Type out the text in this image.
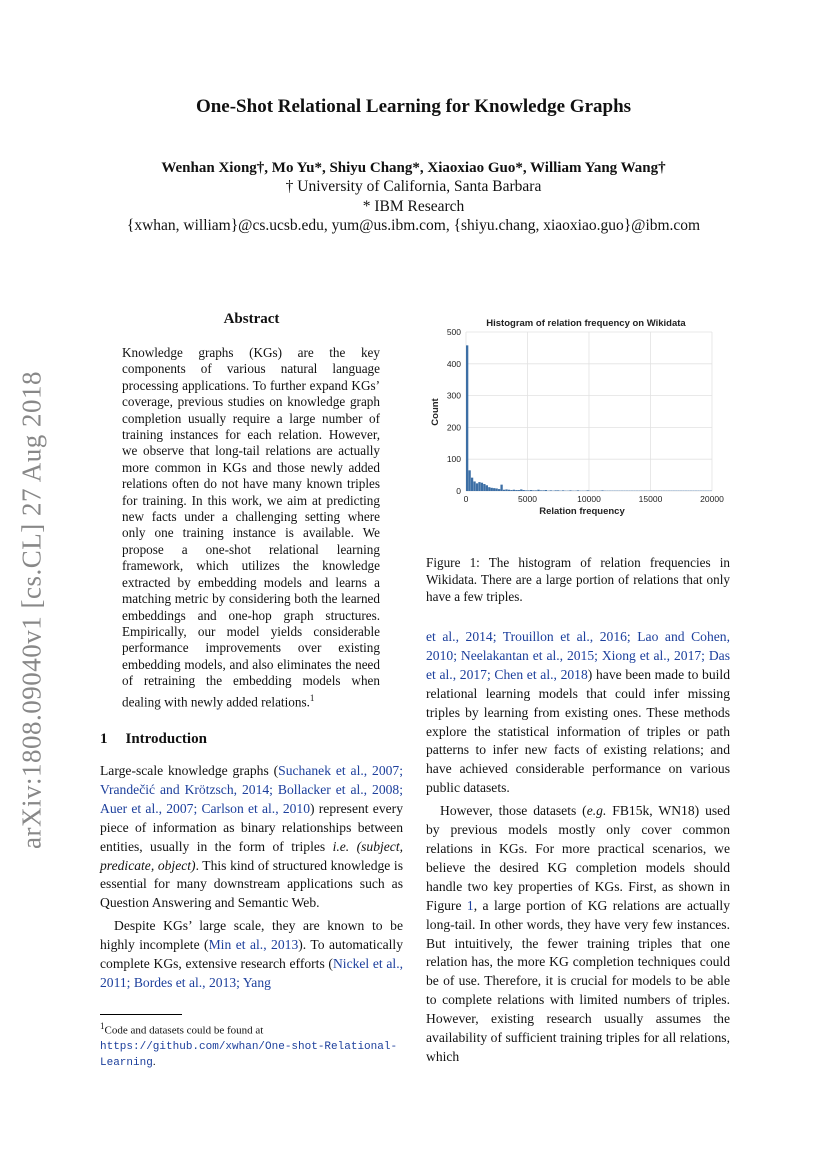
One-Shot Relational Learning for Knowledge Graphs
Wenhan Xiong†, Mo Yu*, Shiyu Chang*, Xiaoxiao Guo*, William Yang Wang†
† University of California, Santa Barbara
* IBM Research
{xwhan, william}@cs.ucsb.edu, yum@us.ibm.com, {shiyu.chang, xiaoxiao.guo}@ibm.com
arXiv:1808.09040v1 [cs.CL] 27 Aug 2018
Abstract
Knowledge graphs (KGs) are the key components of various natural language processing applications. To further expand KGs’ coverage, previous studies on knowledge graph completion usually require a large number of training instances for each relation. However, we observe that long-tail relations are actually more common in KGs and those newly added relations often do not have many known triples for training. In this work, we aim at predicting new facts under a challenging setting where only one training instance is available. We propose a one-shot relational learning framework, which utilizes the knowledge extracted by embedding models and learns a matching metric by considering both the learned embeddings and one-hop graph structures. Empirically, our model yields considerable performance improvements over existing embedding models, and also eliminates the need of retraining the embedding models when dealing with newly added relations.$^1$
1 Introduction

Large-scale knowledge graphs (Suchanek et al., 2007; Vrandečić and Krötzsch, 2014; Bollacker et al., 2008; Auer et al., 2007; Carlson et al., 2010) represent every piece of information as binary relationships between entities, usually in the form of triples i.e. (subject, predicate, object). This kind of structured knowledge is essential for many downstream applications such as Question Answering and Semantic Web.

Despite KGs’ large scale, they are known to be highly incomplete (Min et al., 2013). To automatically complete KGs, extensive research efforts (Nickel et al., 2011; Bordes et al., 2013; Yang

$^1$Code and datasets could be found at https://github.com/xwhan/One-shot-Relational-Learning.
Histogram of relation frequency on Wikidata
0
100
200
300
400
500
0	5000	10000	15000	20000
Count
Relation frequency
Figure 1: The histogram of relation frequencies in Wikidata. There are a large portion of relations that only have a few triples.

et al., 2014; Trouillon et al., 2016; Lao and Cohen, 2010; Neelakantan et al., 2015; Xiong et al., 2017; Das et al., 2017; Chen et al., 2018) have been made to build relational learning models that could infer missing triples by learning from existing ones. These methods explore the statistical information of triples or path patterns to infer new facts of existing relations; and have achieved considerable performance on various public datasets.

However, those datasets (e.g. FB15k, WN18) used by previous models mostly only cover common relations in KGs. For more practical scenarios, we believe the desired KG completion models should handle two key properties of KGs. First, as shown in Figure 1, a large portion of KG relations are actually long-tail. In other words, they have very few instances. But intuitively, the fewer training triples that one relation has, the more KG completion techniques could be of use. Therefore, it is crucial for models to be able to complete relations with limited numbers of triples. However, existing research usually assumes the availability of sufficient training triples for all relations, which
